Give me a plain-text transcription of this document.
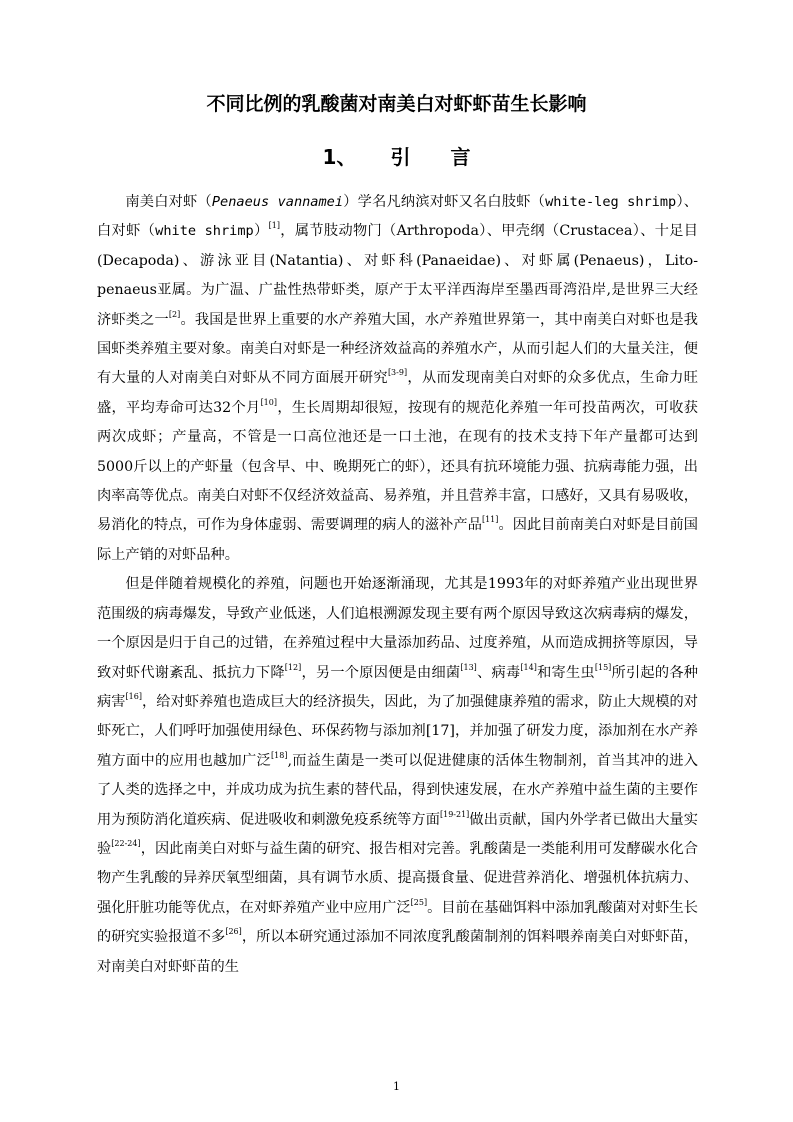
不同比例的乳酸菌对南美白对虾虾苗生长影响
1、 引 言

南美白对虾（Penaeus vannamei）学名凡纳滨对虾又名白肢虾（white-leg shrimp）、白对虾（white shrimp）[1]，属节肢动物门（Arthropoda）、甲壳纲（Crustacea）、十足目(Decapoda)、游泳亚目(Natantia)、对虾科(Panaeidae)、对虾属(Penaeus)，Lito-penaeus亚属。为广温、广盐性热带虾类，原产于太平洋西海岸至墨西哥湾沿岸,是世界三大经济虾类之一[2]。我国是世界上重要的水产养殖大国，水产养殖世界第一，其中南美白对虾也是我国虾类养殖主要对象。南美白对虾是一种经济效益高的养殖水产，从而引起人们的大量关注，便有大量的人对南美白对虾从不同方面展开研究[3-9]，从而发现南美白对虾的众多优点，生命力旺盛，平均寿命可达32个月[10]，生长周期却很短，按现有的规范化养殖一年可投苗两次，可收获两次成虾；产量高，不管是一口高位池还是一口土池，在现有的技术支持下年产量都可达到5000斤以上的产虾量（包含早、中、晚期死亡的虾），还具有抗环境能力强、抗病毒能力强，出肉率高等优点。南美白对虾不仅经济效益高、易养殖，并且营养丰富，口感好，又具有易吸收，易消化的特点，可作为身体虚弱、需要调理的病人的滋补产品[11]。因此目前南美白对虾是目前国际上产销的对虾品种。

但是伴随着规模化的养殖，问题也开始逐渐涌现，尤其是1993年的对虾养殖产业出现世界范围级的病毒爆发，导致产业低迷，人们追根溯源发现主要有两个原因导致这次病毒病的爆发，一个原因是归于自己的过错，在养殖过程中大量添加药品、过度养殖，从而造成拥挤等原因，导致对虾代谢紊乱、抵抗力下降[12]，另一个原因便是由细菌[13]、病毒[14]和寄生虫[15]所引起的各种病害[16]，给对虾养殖也造成巨大的经济损失，因此，为了加强健康养殖的需求，防止大规模的对虾死亡，人们呼吁加强使用绿色、环保药物与添加剂[17]，并加强了研发力度，添加剂在水产养殖方面中的应用也越加广泛[18],而益生菌是一类可以促进健康的活体生物制剂，首当其冲的进入了人类的选择之中，并成功成为抗生素的替代品，得到快速发展，在水产养殖中益生菌的主要作用为预防消化道疾病、促进吸收和刺激免疫系统等方面[19-21]做出贡献，国内外学者已做出大量实验[22-24]，因此南美白对虾与益生菌的研究、报告相对完善。乳酸菌是一类能利用可发酵碳水化合物产生乳酸的异养厌氧型细菌，具有调节水质、提高摄食量、促进营养消化、增强机体抗病力、强化肝脏功能等优点，在对虾养殖产业中应用广泛[25]。目前在基础饵料中添加乳酸菌对对虾生长的研究实验报道不多[26]，所以本研究通过添加不同浓度乳酸菌制剂的饵料喂养南美白对虾虾苗，对南美白对虾虾苗的生

1
